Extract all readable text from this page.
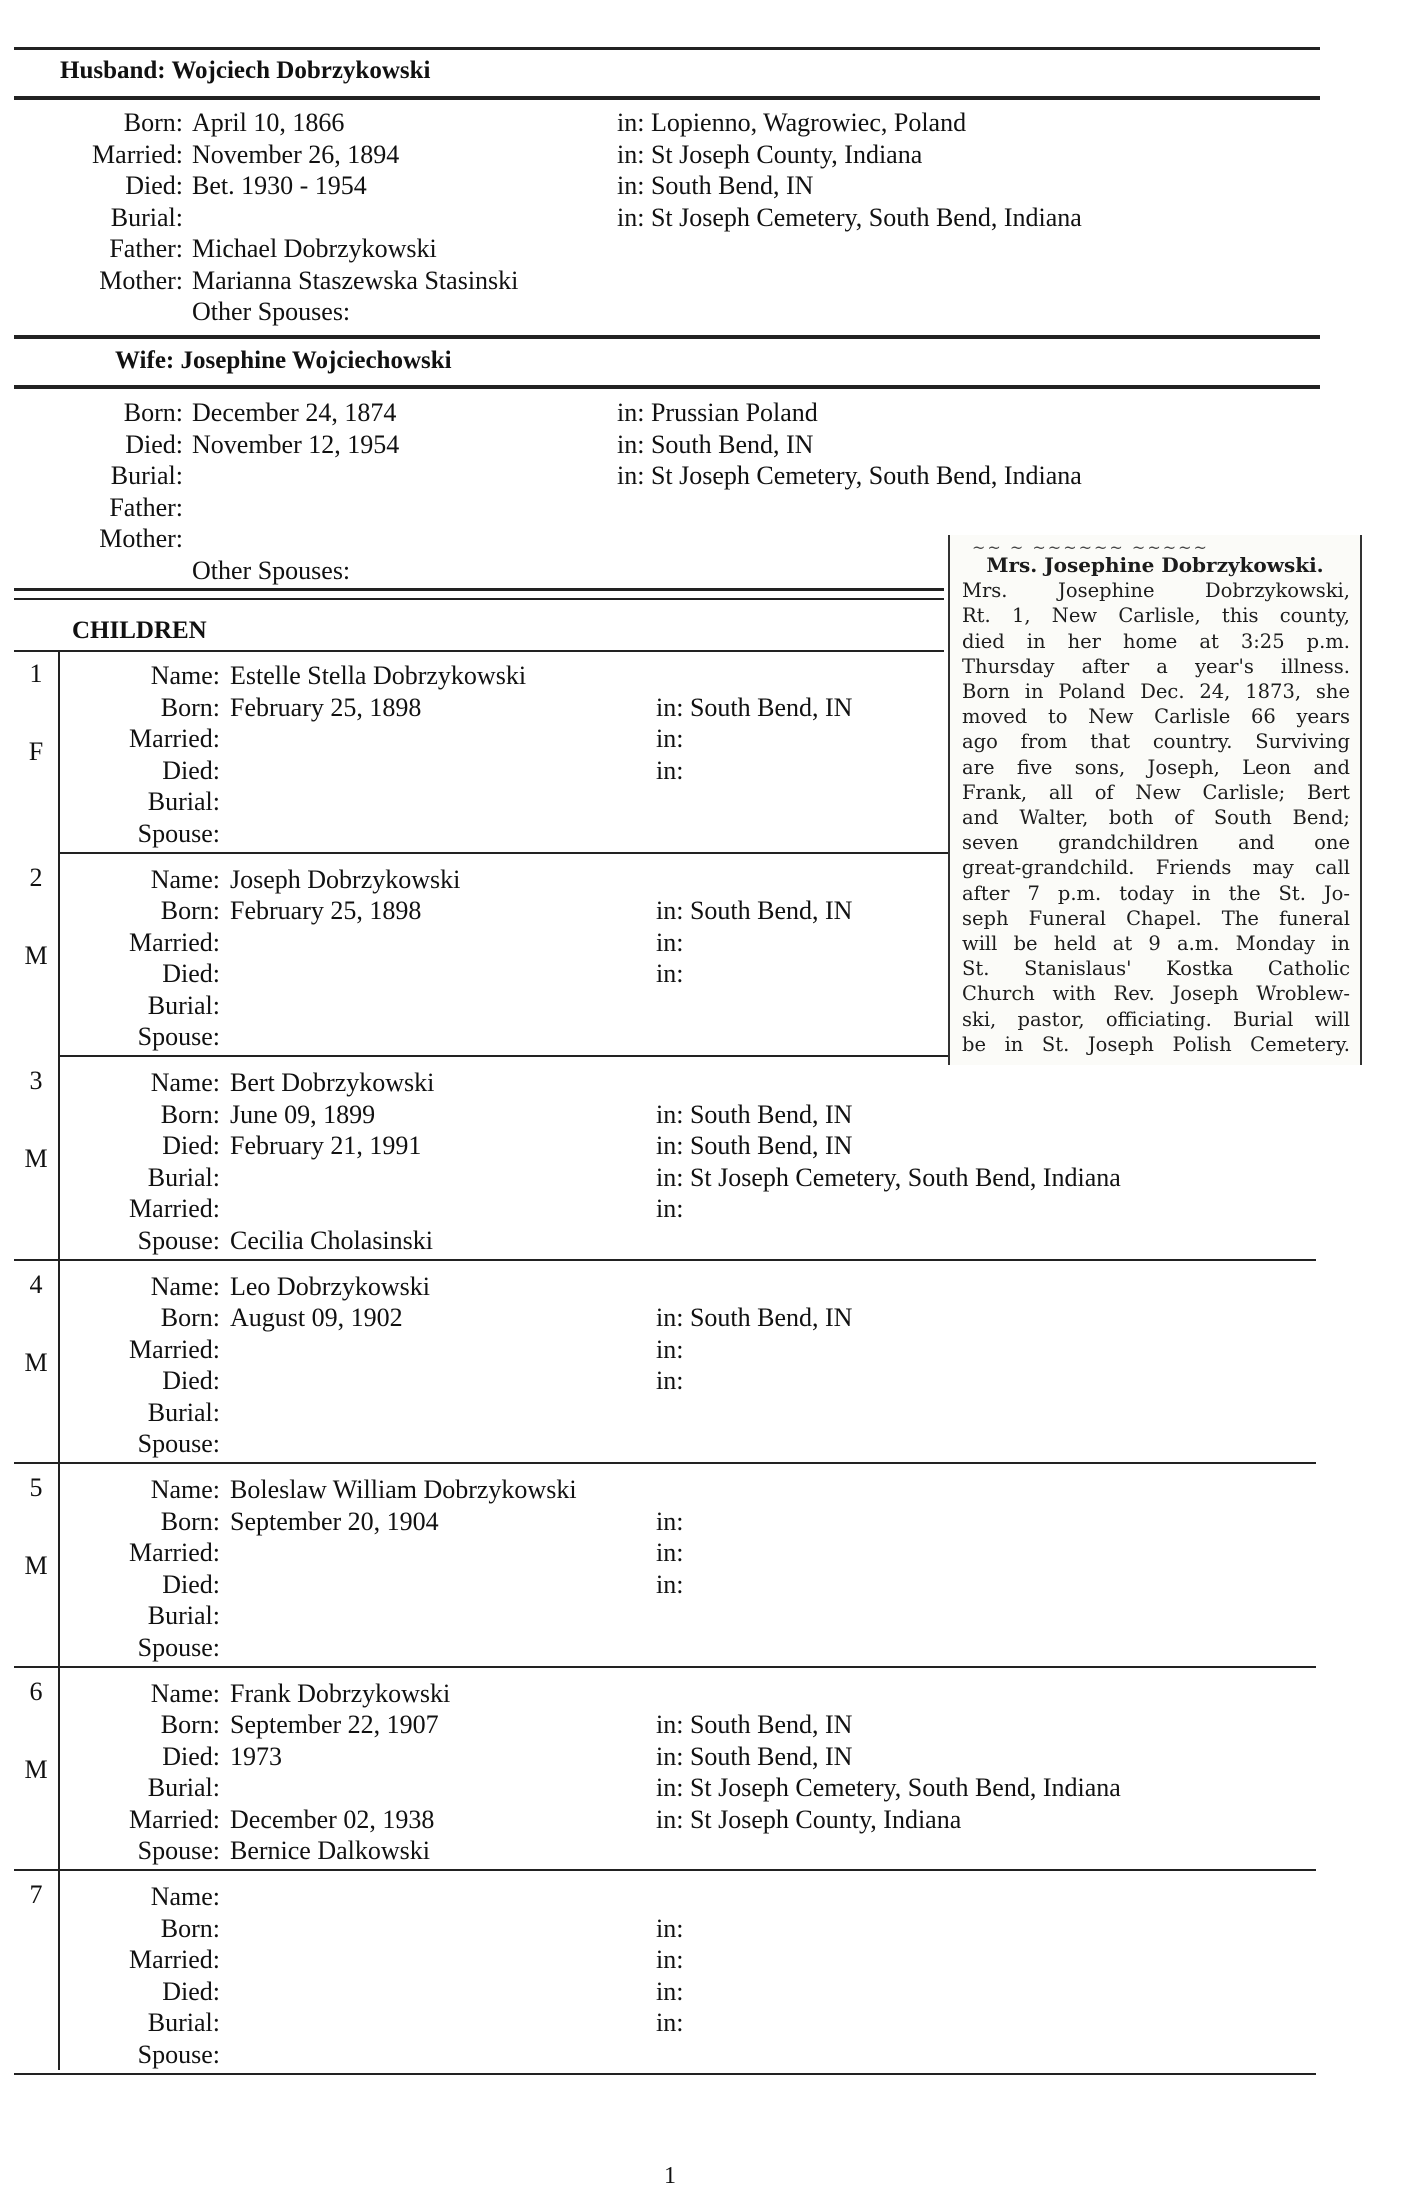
Husband: Wojciech Dobrzykowski
Born: April 10, 1866	in: Lopienno, Wagrowiec, Poland
Married: November 26, 1894	in: St Joseph County, Indiana
Died: Bet. 1930 - 1954	in: South Bend, IN
Burial:	in: St Joseph Cemetery, South Bend, Indiana
Father: Michael Dobrzykowski
Mother: Marianna Staszewska Stasinski
Other Spouses:
Wife: Josephine Wojciechowski
Born: December 24, 1874	in: Prussian Poland
Died: November 12, 1954	in: South Bend, IN
Burial:	in: St Joseph Cemetery, South Bend, Indiana
Father:
Mother:
Other Spouses:
CHILDREN
1
F
Name: Estelle Stella Dobrzykowski
Born: February 25, 1898	in: South Bend, IN
Married:	in:
Died:	in:
Burial:
Spouse:
2
M
Name: Joseph Dobrzykowski
Born: February 25, 1898	in: South Bend, IN
Married:	in:
Died:	in:
Burial:
Spouse:
3
M
Name: Bert Dobrzykowski
Born: June 09, 1899	in: South Bend, IN
Died: February 21, 1991	in: South Bend, IN
Burial:	in: St Joseph Cemetery, South Bend, Indiana
Married:	in:
Spouse: Cecilia Cholasinski
4
M
Name: Leo Dobrzykowski
Born: August 09, 1902	in: South Bend, IN
Married:	in:
Died:	in:
Burial:
Spouse:
5
M
Name: Boleslaw William Dobrzykowski
Born: September 20, 1904	in:
Married:	in:
Died:	in:
Burial:
Spouse:
6
M
Name: Frank Dobrzykowski
Born: September 22, 1907	in: South Bend, IN
Died: 1973	in: South Bend, IN
Burial:	in: St Joseph Cemetery, South Bend, Indiana
Married: December 02, 1938	in: St Joseph County, Indiana
Spouse: Bernice Dalkowski
7	Name:
Born:	in:
Married:	in:
Died:	in:
Burial:	in:
Spouse:
~~ ~ ~~~~~~ ~~~~~
Mrs. Josephine Dobrzykowski.
Mrs. Josephine Dobrzykowski,
Rt. 1, New Carlisle, this county,
died in her home at 3:25 p.m.
Thursday after a year's illness.
Born in Poland Dec. 24, 1873, she
moved to New Carlisle 66 years
ago from that country. Surviving
are five sons, Joseph, Leon and
Frank, all of New Carlisle; Bert
and Walter, both of South Bend;
seven grandchildren and one
great-grandchild. Friends may call
after 7 p.m. today in the St. Jo-
seph Funeral Chapel. The funeral
will be held at 9 a.m. Monday in
St. Stanislaus' Kostka Catholic
Church with Rev. Joseph Wroblew-
ski, pastor, officiating. Burial will
be in St. Joseph Polish Cemetery.
1
